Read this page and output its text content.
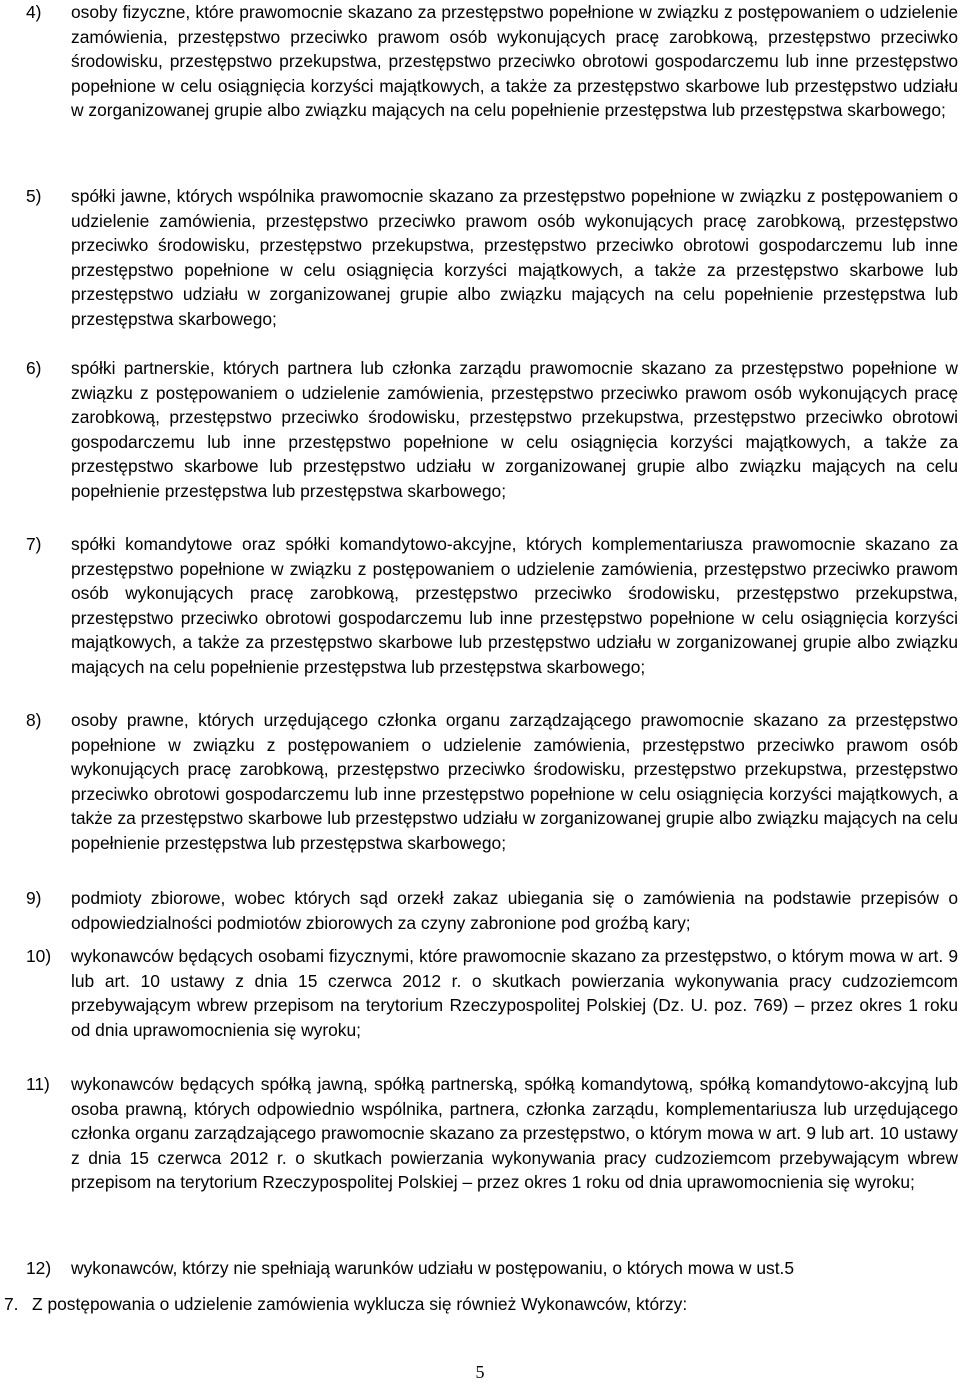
4) osoby fizyczne, które prawomocnie skazano za przestępstwo popełnione w związku z postępowaniem o udzielenie zamówienia, przestępstwo przeciwko prawom osób wykonujących pracę zarobkową, przestępstwo przeciwko środowisku, przestępstwo przekupstwa, przestępstwo przeciwko obrotowi gospodarczemu lub inne przestępstwo popełnione w celu osiągnięcia korzyści majątkowych, a także za przestępstwo skarbowe lub przestępstwo udziału w zorganizowanej grupie albo związku mających na celu popełnienie przestępstwa lub przestępstwa skarbowego;
5) spółki jawne, których wspólnika prawomocnie skazano za przestępstwo popełnione w związku z postępowaniem o udzielenie zamówienia, przestępstwo przeciwko prawom osób wykonujących pracę zarobkową, przestępstwo przeciwko środowisku, przestępstwo przekupstwa, przestępstwo przeciwko obrotowi gospodarczemu lub inne przestępstwo popełnione w celu osiągnięcia korzyści majątkowych, a także za przestępstwo skarbowe lub przestępstwo udziału w zorganizowanej grupie albo związku mających na celu popełnienie przestępstwa lub przestępstwa skarbowego;
6) spółki partnerskie, których partnera lub członka zarządu prawomocnie skazano za przestępstwo popełnione w związku z postępowaniem o udzielenie zamówienia, przestępstwo przeciwko prawom osób wykonujących pracę zarobkową, przestępstwo przeciwko środowisku, przestępstwo przekupstwa, przestępstwo przeciwko obrotowi gospodarczemu lub inne przestępstwo popełnione w celu osiągnięcia korzyści majątkowych, a także za przestępstwo skarbowe lub przestępstwo udziału w zorganizowanej grupie albo związku mających na celu popełnienie przestępstwa lub przestępstwa skarbowego;
7) spółki komandytowe oraz spółki komandytowo-akcyjne, których komplementariusza prawomocnie skazano za przestępstwo popełnione w związku z postępowaniem o udzielenie zamówienia, przestępstwo przeciwko prawom osób wykonujących pracę zarobkową, przestępstwo przeciwko środowisku, przestępstwo przekupstwa, przestępstwo przeciwko obrotowi gospodarczemu lub inne przestępstwo popełnione w celu osiągnięcia korzyści majątkowych, a także za przestępstwo skarbowe lub przestępstwo udziału w zorganizowanej grupie albo związku mających na celu popełnienie przestępstwa lub przestępstwa skarbowego;
8) osoby prawne, których urzędującego członka organu zarządzającego prawomocnie skazano za przestępstwo popełnione w związku z postępowaniem o udzielenie zamówienia, przestępstwo przeciwko prawom osób wykonujących pracę zarobkową, przestępstwo przeciwko środowisku, przestępstwo przekupstwa, przestępstwo przeciwko obrotowi gospodarczemu lub inne przestępstwo popełnione w celu osiągnięcia korzyści majątkowych, a także za przestępstwo skarbowe lub przestępstwo udziału w zorganizowanej grupie albo związku mających na celu popełnienie przestępstwa lub przestępstwa skarbowego;
9) podmioty zbiorowe, wobec których sąd orzekł zakaz ubiegania się o zamówienia na podstawie przepisów o odpowiedzialności podmiotów zbiorowych za czyny zabronione pod groźbą kary;
10) wykonawców będących osobami fizycznymi, które prawomocnie skazano za przestępstwo, o którym mowa w art. 9 lub art. 10 ustawy z dnia 15 czerwca 2012 r. o skutkach powierzania wykonywania pracy cudzoziemcom przebywającym wbrew przepisom na terytorium Rzeczypospolitej Polskiej (Dz. U. poz. 769) – przez okres 1 roku od dnia uprawomocnienia się wyroku;
11) wykonawców będących spółką jawną, spółką partnerską, spółką komandytową, spółką komandytowo-akcyjną lub osoba prawną, których odpowiednio wspólnika, partnera, członka zarządu, komplementariusza lub urzędującego członka organu zarządzającego prawomocnie skazano za przestępstwo, o którym mowa w art. 9 lub art. 10 ustawy z dnia 15 czerwca 2012 r. o skutkach powierzania wykonywania pracy cudzoziemcom przebywającym wbrew przepisom na terytorium Rzeczypospolitej Polskiej – przez okres 1 roku od dnia uprawomocnienia się wyroku;
12) wykonawców, którzy nie spełniają warunków udziału w postępowaniu, o których mowa w ust.5
7. Z postępowania o udzielenie zamówienia wyklucza się również Wykonawców, którzy:
5
